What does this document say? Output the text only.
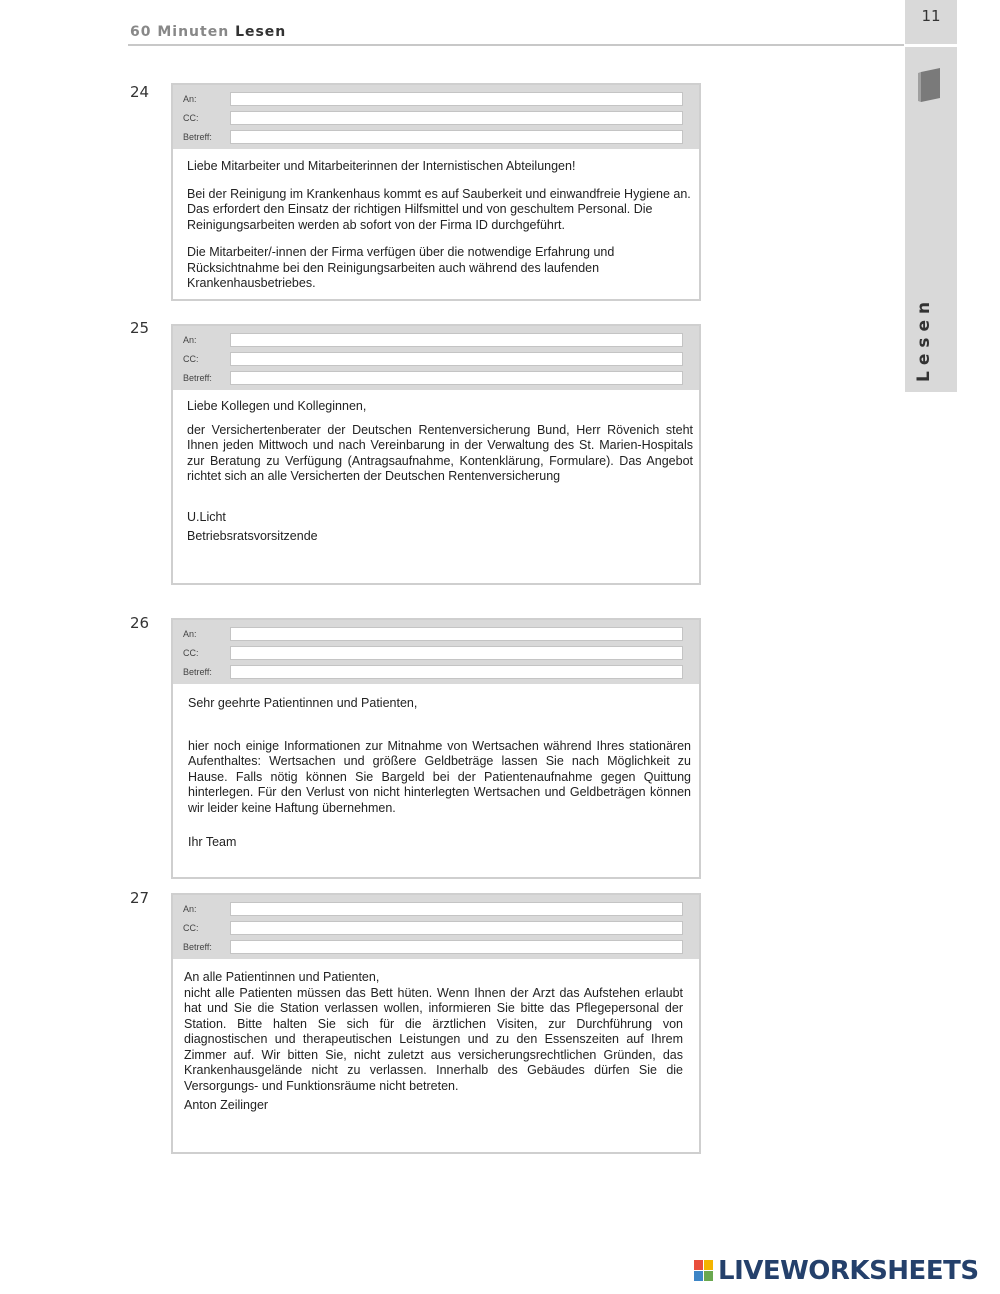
60 Minuten Lesen
11
Lesen
24	An:
CC:
Betreff:

Liebe Mitarbeiter und Mitarbeiterinnen der Internistischen Abteilungen!

Bei der Reinigung im Krankenhaus kommt es auf Sauberkeit und einwandfreie Hygiene an. Das erfordert den Einsatz der richtigen Hilfsmittel und von geschultem Personal. Die Reinigungsarbeiten werden ab sofort von der Firma ID durchgeführt.

Die Mitarbeiter/-innen der Firma verfügen über die notwendige Erfahrung und Rücksichtnahme bei den Reinigungsarbeiten auch während des laufenden Krankenhausbetriebes.

25
An:
CC:
Betreff:

Liebe Kollegen und Kolleginnen,

der Versichertenberater der Deutschen Rentenversicherung Bund, Herr Rövenich steht Ihnen jeden Mittwoch und nach Vereinbarung in der Verwaltung des St. Marien-Hospitals zur Beratung zu Verfügung (Antragsaufnahme, Kontenklärung, Formulare). Das Angebot richtet sich an alle Versicherten der Deutschen Rentenversicherung

U.Licht

Betriebsratsvorsitzende

26
An:
CC:
Betreff:

Sehr geehrte Patientinnen und Patienten,

hier noch einige Informationen zur Mitnahme von Wertsachen während Ihres stationären Aufenthaltes: Wertsachen und größere Geldbeträge lassen Sie nach Möglichkeit zu Hause. Falls nötig können Sie Bargeld bei der Patientenaufnahme gegen Quittung hinterlegen. Für den Verlust von nicht hinterlegten Wertsachen und Geldbeträgen können wir leider keine Haftung übernehmen.

Ihr Team

27
An:
CC:
Betreff:

An alle Patientinnen und Patienten,

nicht alle Patienten müssen das Bett hüten. Wenn Ihnen der Arzt das Aufstehen erlaubt hat und Sie die Station verlassen wollen, informieren Sie bitte das Pflegepersonal der Station. Bitte halten Sie sich für die ärztlichen Visiten, zur Durchführung von diagnostischen und therapeutischen Leistungen und zu den Essenszeiten auf Ihrem Zimmer auf. Wir bitten Sie, nicht zuletzt aus versicherungsrechtlichen Gründen, das Krankenhausgelände nicht zu verlassen. Innerhalb des Gebäudes dürfen Sie die Versorgungs- und Funktionsräume nicht betreten.

Anton Zeilinger

LIVEWORKSHEETS
